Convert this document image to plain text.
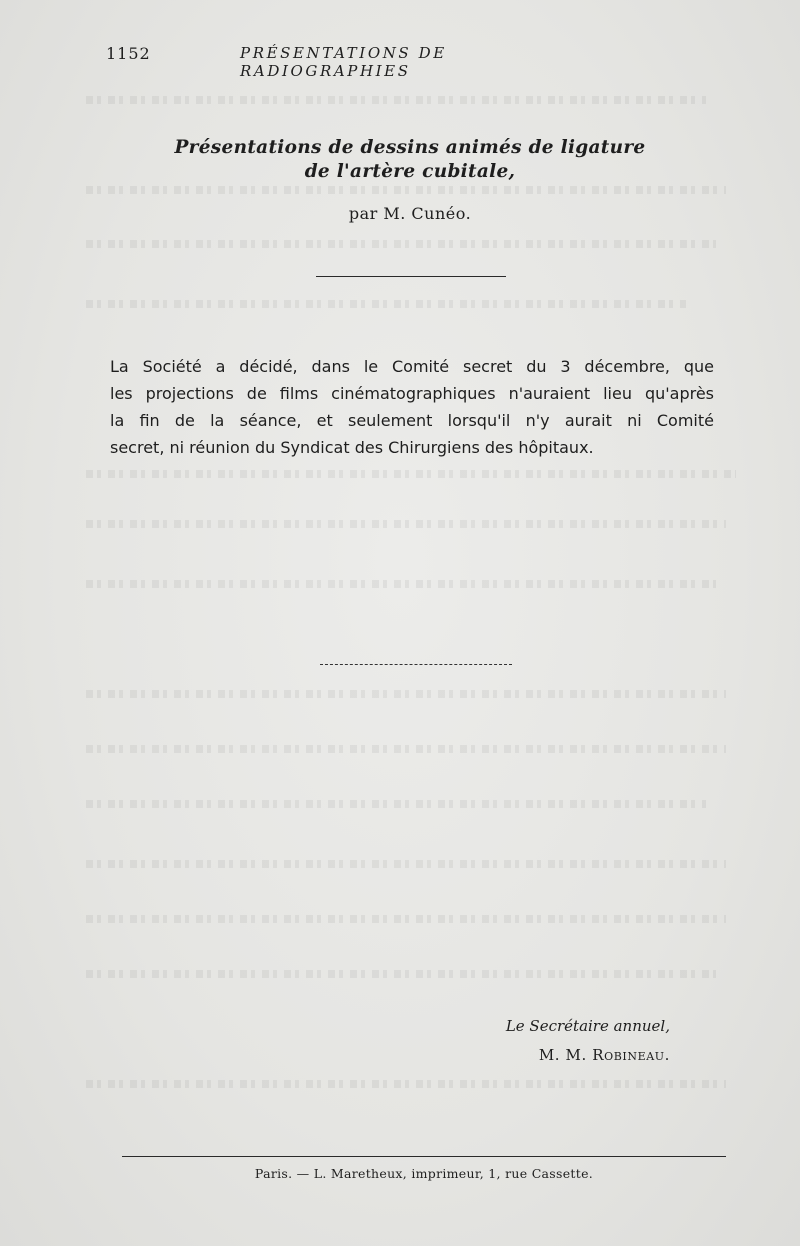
1152	PRÉSENTATIONS DE RADIOGRAPHIES
Présentations de dessins animés de ligature
de l'artère cubitale,
par M. Cunéo.
La Société a décidé, dans le Comité secret du 3 décembre, que
les projections de films cinématographiques n'auraient lieu qu'après
la fin de la séance, et seulement lorsqu'il n'y aurait ni Comité
secret, ni réunion du Syndicat des Chirurgiens des hôpitaux.
Le Secrétaire annuel,
M. M. Robineau.
Paris. — L. Maretheux, imprimeur, 1, rue Cassette.
